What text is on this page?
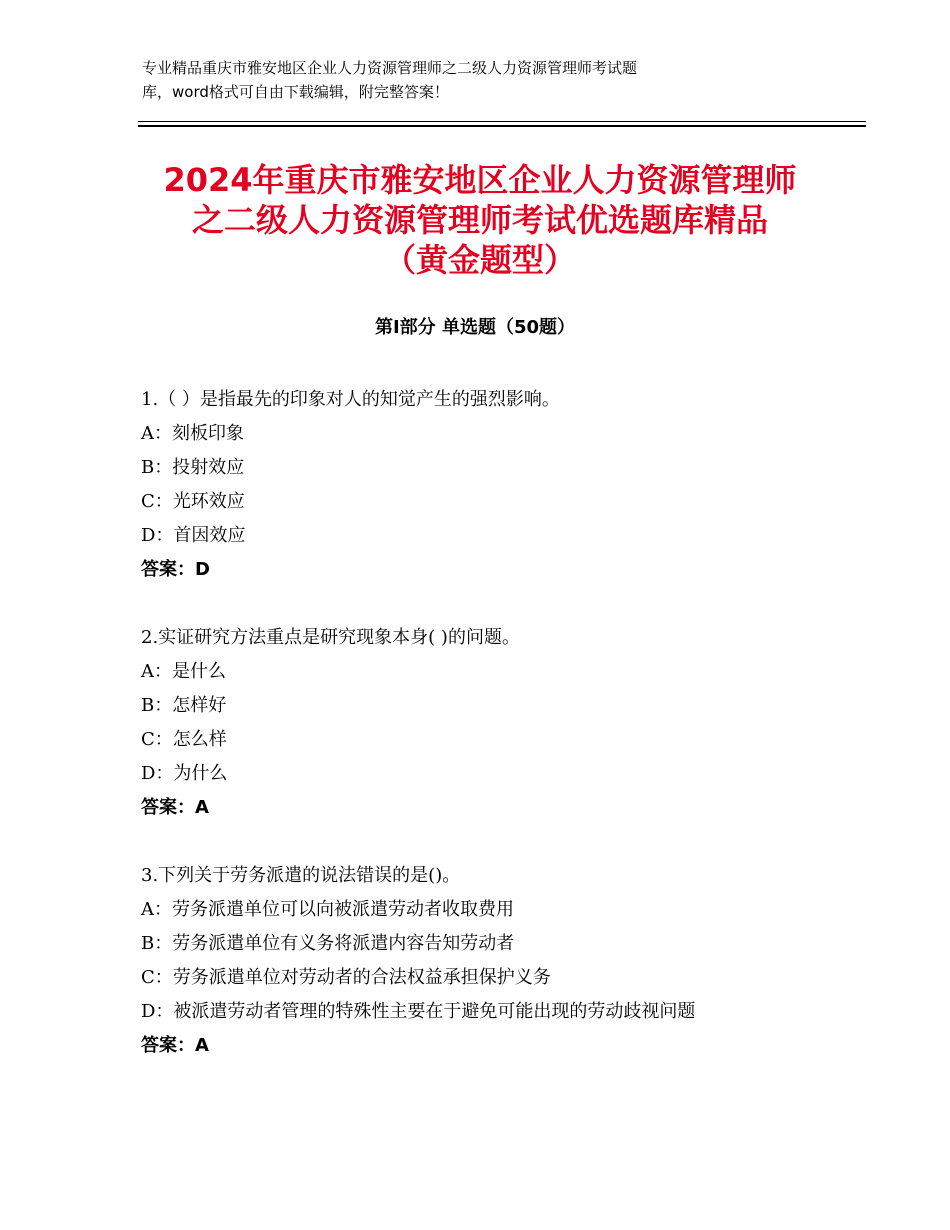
专业精品重庆市雅安地区企业人力资源管理师之二级人力资源管理师考试题
库，word格式可自由下载编辑，附完整答案！
2024年重庆市雅安地区企业人力资源管理师
之二级人力资源管理师考试优选题库精品
（黄金题型）
第Ⅰ部分 单选题（50题）
1.（ ）是指最先的印象对人的知觉产生的强烈影响。
A：刻板印象
B：投射效应
C：光环效应
D：首因效应
答案：D
2.实证研究方法重点是研究现象本身( )的问题。
A：是什么
B：怎样好
C：怎么样
D：为什么
答案：A
3.下列关于劳务派遣的说法错误的是()。
A：劳务派遣单位可以向被派遣劳动者收取费用
B：劳务派遣单位有义务将派遣内容告知劳动者
C：劳务派遣单位对劳动者的合法权益承担保护义务
D：被派遣劳动者管理的特殊性主要在于避免可能出现的劳动歧视问题
答案：A
